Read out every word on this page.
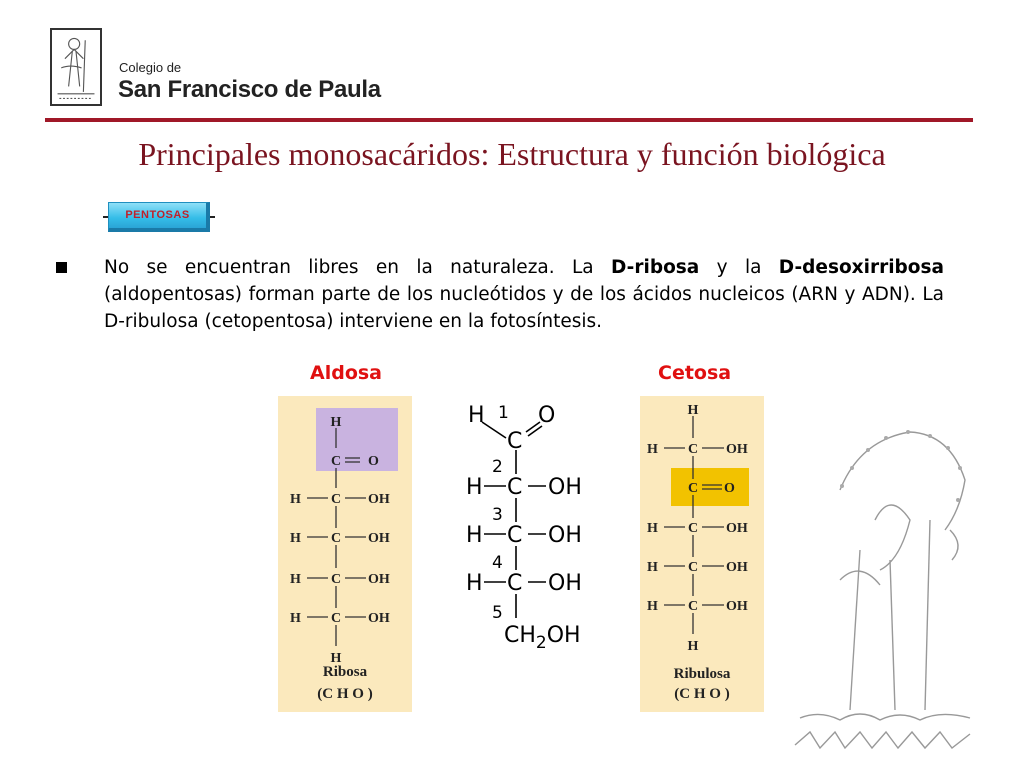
Colegio de
San Francisco de Paula
Principales monosacáridos: Estructura y función biológica
PENTOSAS
No se encuentran libres en la naturaleza. La D-ribosa y la D-desoxirribosa (aldopentosas) forman parte de los nucleótidos y de los ácidos nucleicos (ARN y ADN). La D-ribulosa (cetopentosa) interviene en la fotosíntesis.
Aldosa	Cetosa
H
C O
H C OH
H C OH
H C OH
H C OH
H
Ribosa
(C H O )
H 1 O
C
2
H C OH
3
H C OH
4
H C OH
5
$CH_2OH$
H
H C OH
C O
H C OH
H C OH
H C OH
H
Ribulosa
(C H O )
